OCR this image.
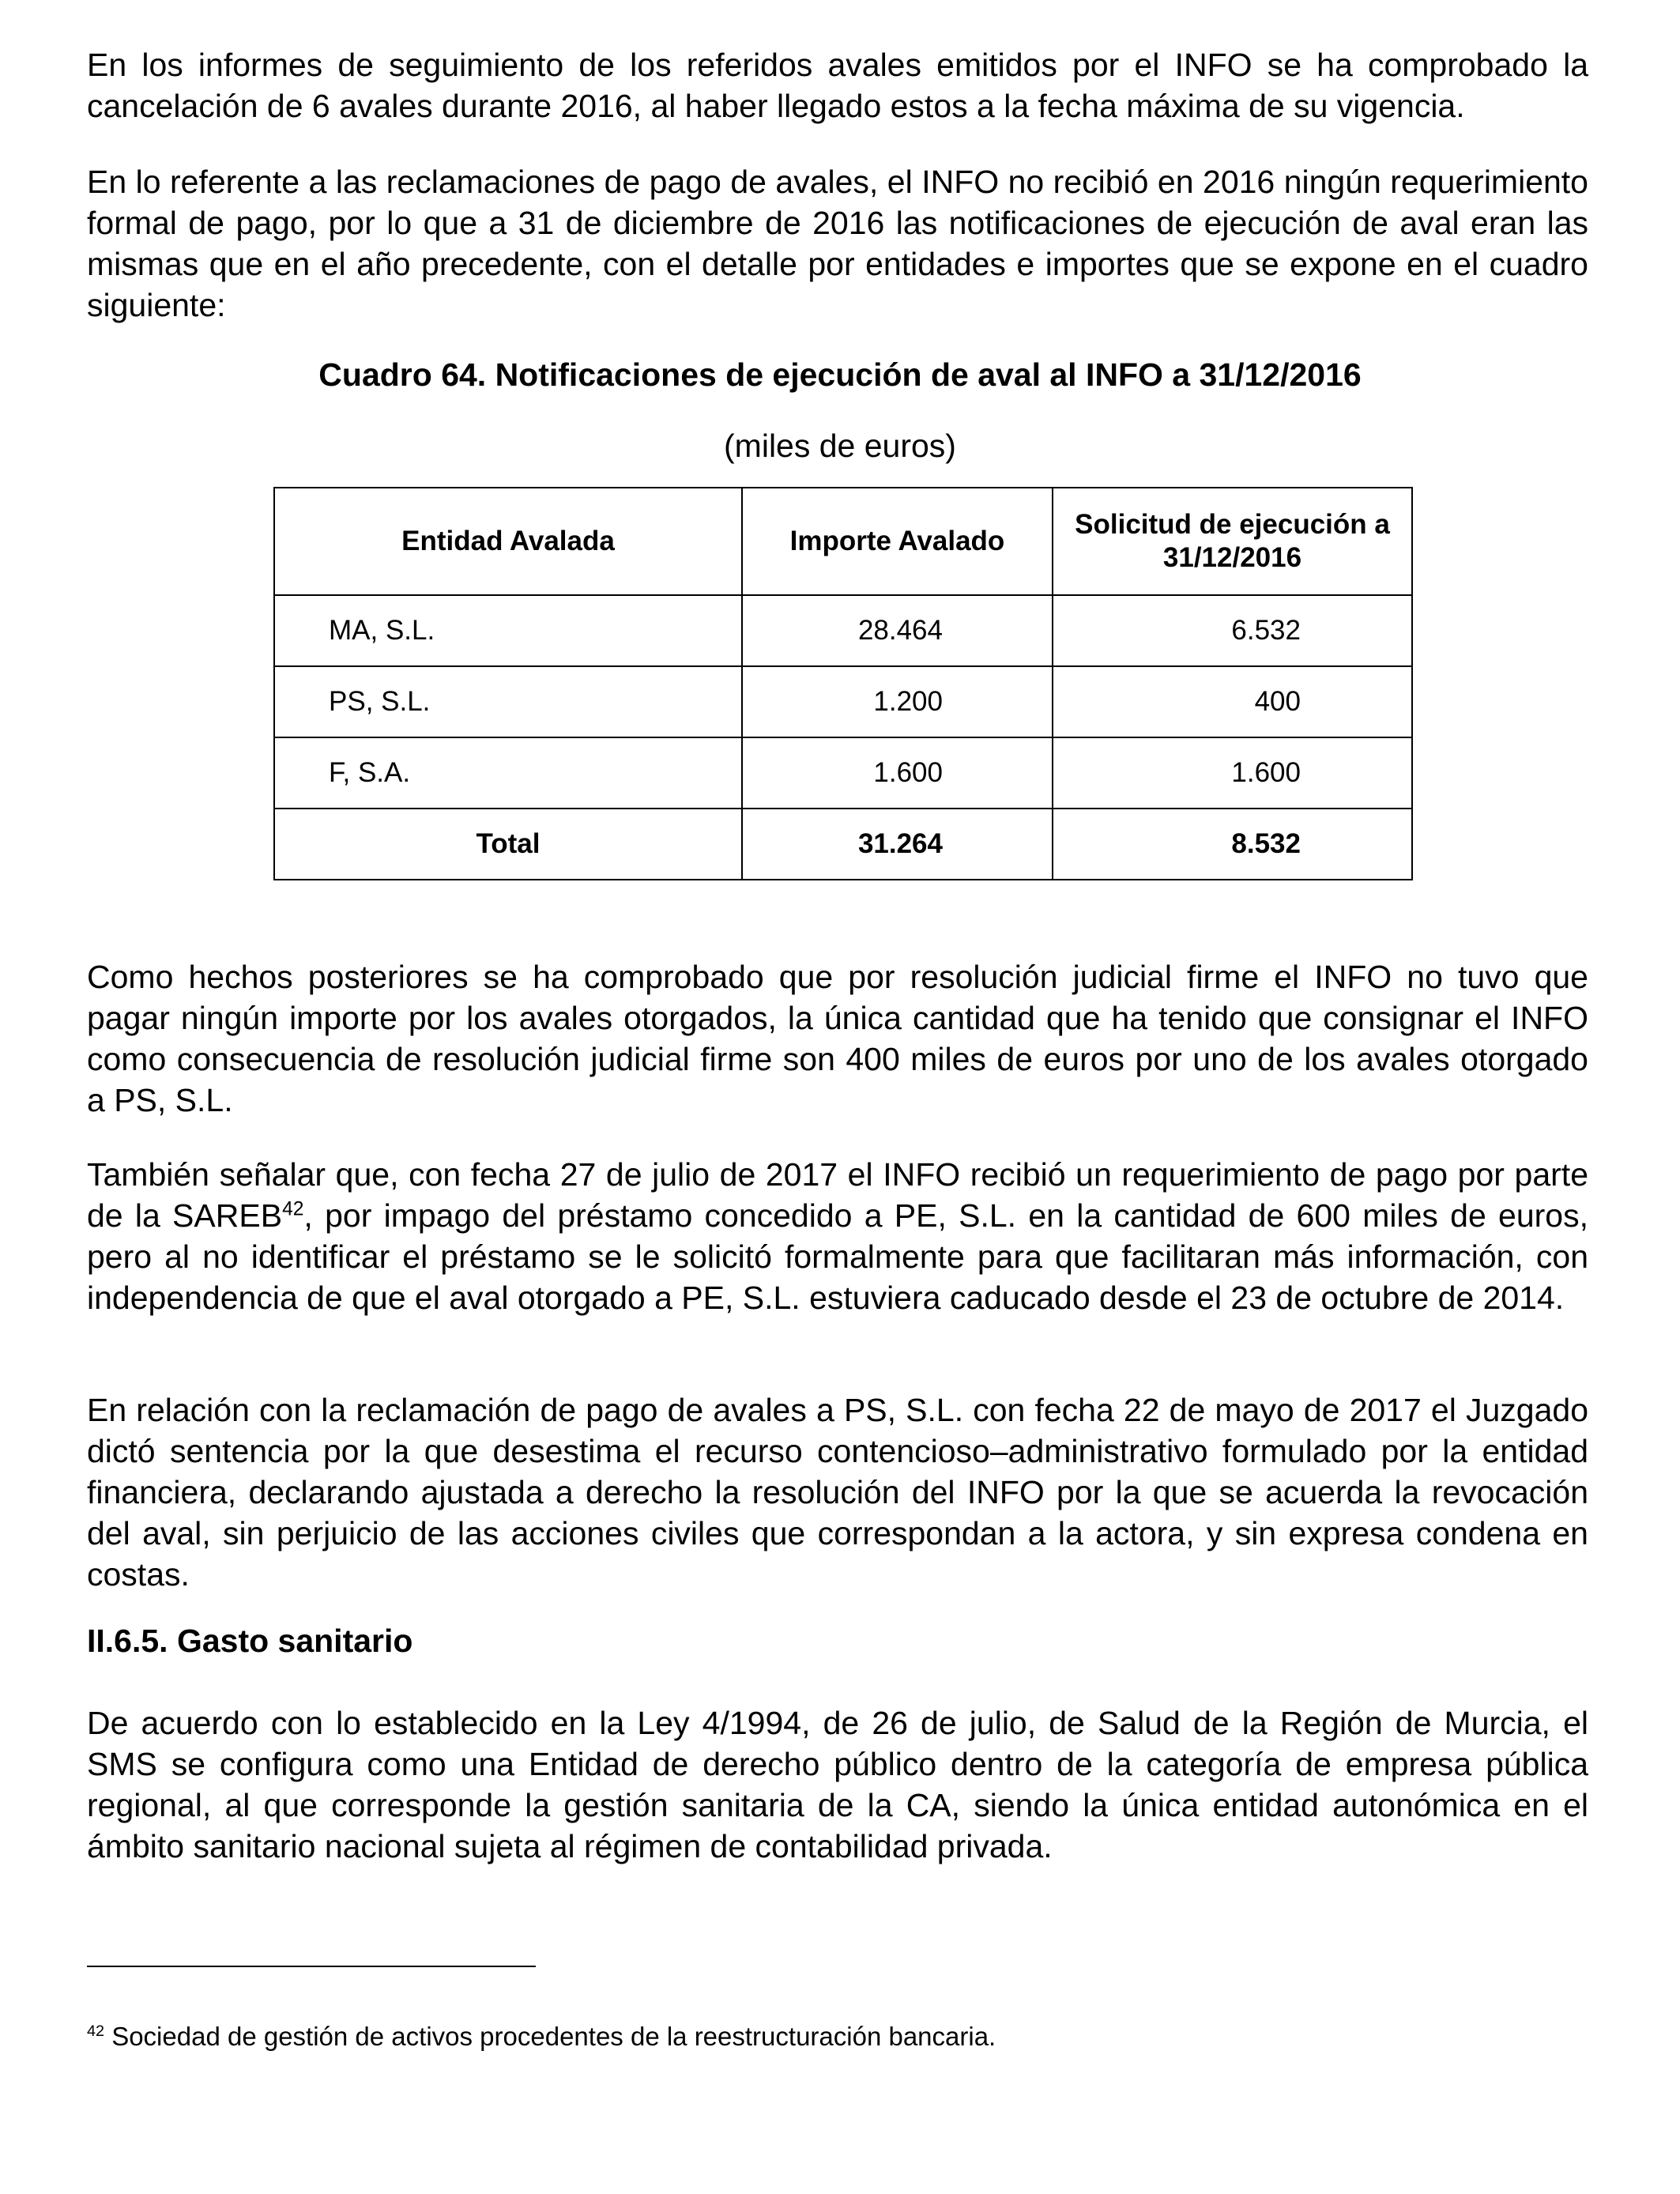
En los informes de seguimiento de los referidos avales emitidos por el INFO se ha comprobado la cancelación de 6 avales durante 2016, al haber llegado estos a la fecha máxima de su vigencia.

En lo referente a las reclamaciones de pago de avales, el INFO no recibió en 2016 ningún requerimiento formal de pago, por lo que a 31 de diciembre de 2016 las notificaciones de ejecución de aval eran las mismas que en el año precedente, con el detalle por entidades e importes que se expone en el cuadro siguiente:

Cuadro 64. Notificaciones de ejecución de aval al INFO a 31/12/2016

(miles de euros)

Entidad Avalada	Importe Avalado	Solicitud de ejecución a 31/12/2016

MA, S.L.	28.464	6.532
PS, S.L.	1.200	400
F, S.A.	1.600	1.600
Total	31.264	8.532

Como hechos posteriores se ha comprobado que por resolución judicial firme el INFO no tuvo que pagar ningún importe por los avales otorgados, la única cantidad que ha tenido que consignar el INFO como consecuencia de resolución judicial firme son 400 miles de euros por uno de los avales otorgado a PS, S.L.

También señalar que, con fecha 27 de julio de 2017 el INFO recibió un requerimiento de pago por parte de la SAREB$^{42}$, por impago del préstamo concedido a PE, S.L. en la cantidad de 600 miles de euros, pero al no identificar el préstamo se le solicitó formalmente para que facilitaran más información, con independencia de que el aval otorgado a PE, S.L. estuviera caducado desde el 23 de octubre de 2014.

En relación con la reclamación de pago de avales a PS, S.L. con fecha 22 de mayo de 2017 el Juzgado dictó sentencia por la que desestima el recurso contencioso–administrativo formulado por la entidad financiera, declarando ajustada a derecho la resolución del INFO por la que se acuerda la revocación del aval, sin perjuicio de las acciones civiles que correspondan a la actora, y sin expresa condena en costas.

II.6.5. Gasto sanitario

De acuerdo con lo establecido en la Ley 4/1994, de 26 de julio, de Salud de la Región de Murcia, el SMS se configura como una Entidad de derecho público dentro de la categoría de empresa pública regional, al que corresponde la gestión sanitaria de la CA, siendo la única entidad autonómica en el ámbito sanitario nacional sujeta al régimen de contabilidad privada.

$^{42}$ Sociedad de gestión de activos procedentes de la reestructuración bancaria.
